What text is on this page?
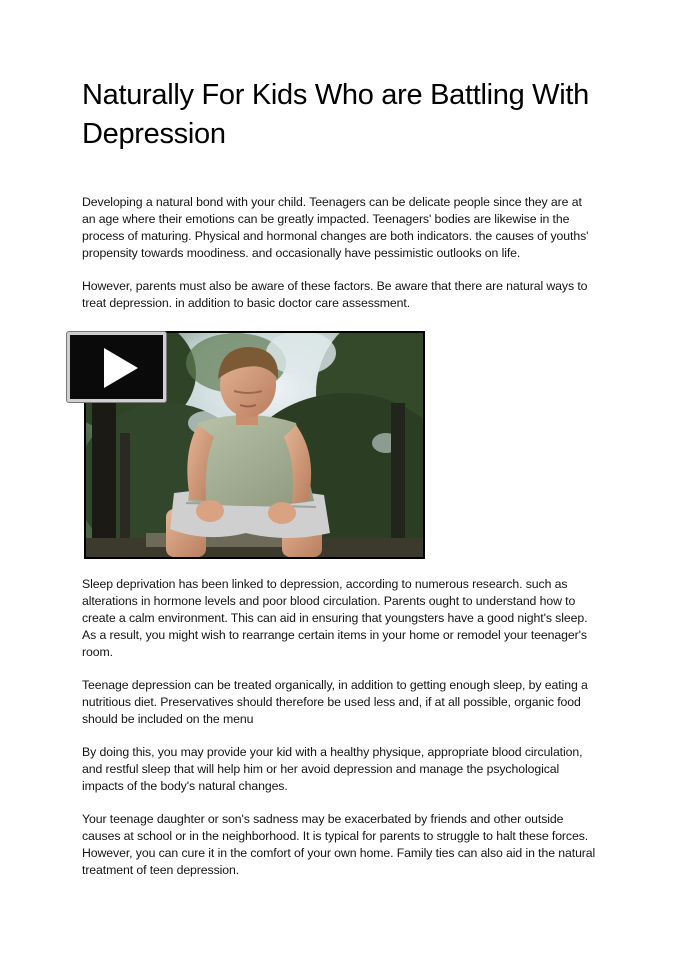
Naturally For Kids Who are Battling With Depression

Developing a natural bond with your child. Teenagers can be delicate people since they are at an age where their emotions can be greatly impacted. Teenagers' bodies are likewise in the process of maturing. Physical and hormonal changes are both indicators. the causes of youths' propensity towards moodiness. and occasionally have pessimistic outlooks on life.

However, parents must also be aware of these factors. Be aware that there are natural ways to treat depression. in addition to basic doctor care assessment.

Sleep deprivation has been linked to depression, according to numerous research. such as alterations in hormone levels and poor blood circulation. Parents ought to understand how to create a calm environment. This can aid in ensuring that youngsters have a good night's sleep. As a result, you might wish to rearrange certain items in your home or remodel your teenager's room.

Teenage depression can be treated organically, in addition to getting enough sleep, by eating a nutritious diet. Preservatives should therefore be used less and, if at all possible, organic food should be included on the menu

By doing this, you may provide your kid with a healthy physique, appropriate blood circulation, and restful sleep that will help him or her avoid depression and manage the psychological impacts of the body's natural changes.

Your teenage daughter or son's sadness may be exacerbated by friends and other outside causes at school or in the neighborhood. It is typical for parents to struggle to halt these forces. However, you can cure it in the comfort of your own home. Family ties can also aid in the natural treatment of teen depression.
